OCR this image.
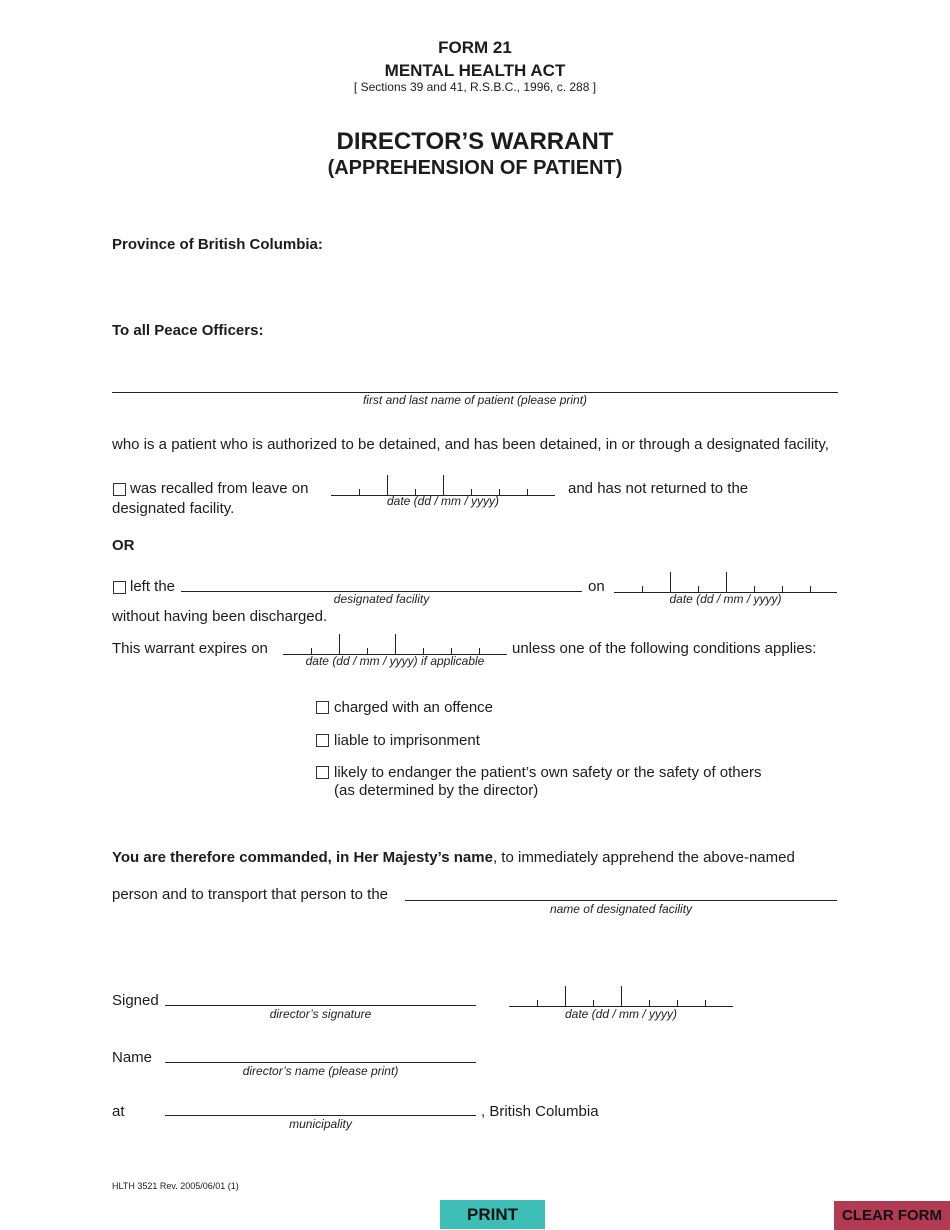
FORM 21
MENTAL HEALTH ACT
[ Sections 39 and 41, R.S.B.C., 1996, c. 288 ]
DIRECTOR’S WARRANT
(APPREHENSION OF PATIENT)
Province of British Columbia:
To all Peace Officers:
first and last name of patient (please print)
who is a patient who is authorized to be detained, and has been detained, in or through a designated facility,
was recalled from leave on
date (dd / mm / yyyy)
and has not returned to the
designated facility.
OR
left the
designated facility
on
date (dd / mm / yyyy)
without having been discharged.
This warrant expires on
date (dd / mm / yyyy) if applicable
unless one of the following conditions applies:
charged with an offence
liable to imprisonment
likely to endanger the patient’s own safety or the safety of others
(as determined by the director)
You are therefore commanded, in Her Majesty’s name, to immediately apprehend the above-named
person and to transport that person to the
name of designated facility
Signed
director’s signature	date (dd / mm / yyyy)
Name
director’s name (please print)
at
municipality
, British Columbia
HLTH 3521 Rev. 2005/06/01 (1)
PRINT	CLEAR FORM
